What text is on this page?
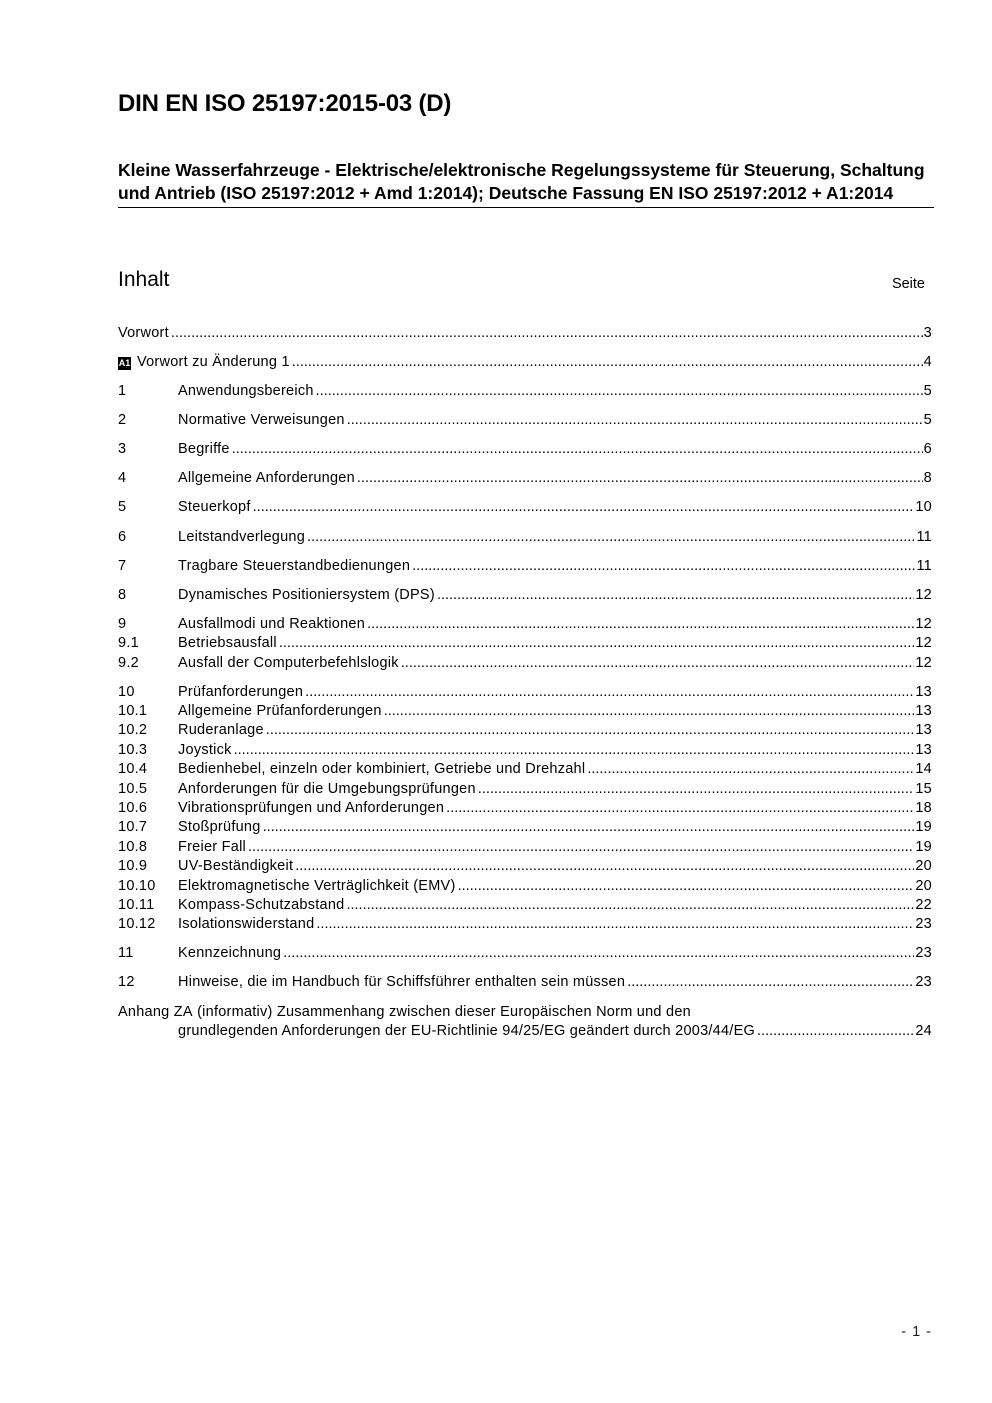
DIN EN ISO 25197:2015-03 (D)
Kleine Wasserfahrzeuge - Elektrische/elektronische Regelungssysteme für Steuerung, Schaltung und Antrieb (ISO 25197:2012 + Amd 1:2014); Deutsche Fassung EN ISO 25197:2012 + A1:2014
Inhalt	Seite
Vorwort .....	3
A1 Vorwort zu Änderung 1 .....	4
1	Anwendungsbereich .....	5
2	Normative Verweisungen .....	5
3	Begriffe .....	6
4	Allgemeine Anforderungen .....	8
5	Steuerkopf .....	10
6	Leitstandverlegung .....	11
7	Tragbare Steuerstandbedienungen .....	11
8	Dynamisches Positioniersystem (DPS) .....	12
9	Ausfallmodi und Reaktionen .....	12
9.1	Betriebsausfall .....	12
9.2	Ausfall der Computerbefehlslogik .....	12
10	Prüfanforderungen .....	13
10.1	Allgemeine Prüfanforderungen .....	13
10.2	Ruderanlage .....	13
10.3	Joystick .....	13
10.4	Bedienhebel, einzeln oder kombiniert, Getriebe und Drehzahl .....	14
10.5	Anforderungen für die Umgebungsprüfungen .....	15
10.6	Vibrationsprüfungen und Anforderungen .....	18
10.7	Stoßprüfung .....	19
10.8	Freier Fall .....	19
10.9	UV-Beständigkeit .....	20
10.10	Elektromagnetische Verträglichkeit (EMV) .....	20
10.11	Kompass-Schutzabstand .....	22
10.12	Isolationswiderstand .....	23
11	Kennzeichnung .....	23
12	Hinweise, die im Handbuch für Schiffsführer enthalten sein müssen .....	23
Anhang ZA
(informativ)
Zusammenhang zwischen dieser Europäischen Norm und den
grundlegenden Anforderungen der EU-Richtlinie 94/25/EG geändert durch 2003/44/EG .....	24
- 1 -
